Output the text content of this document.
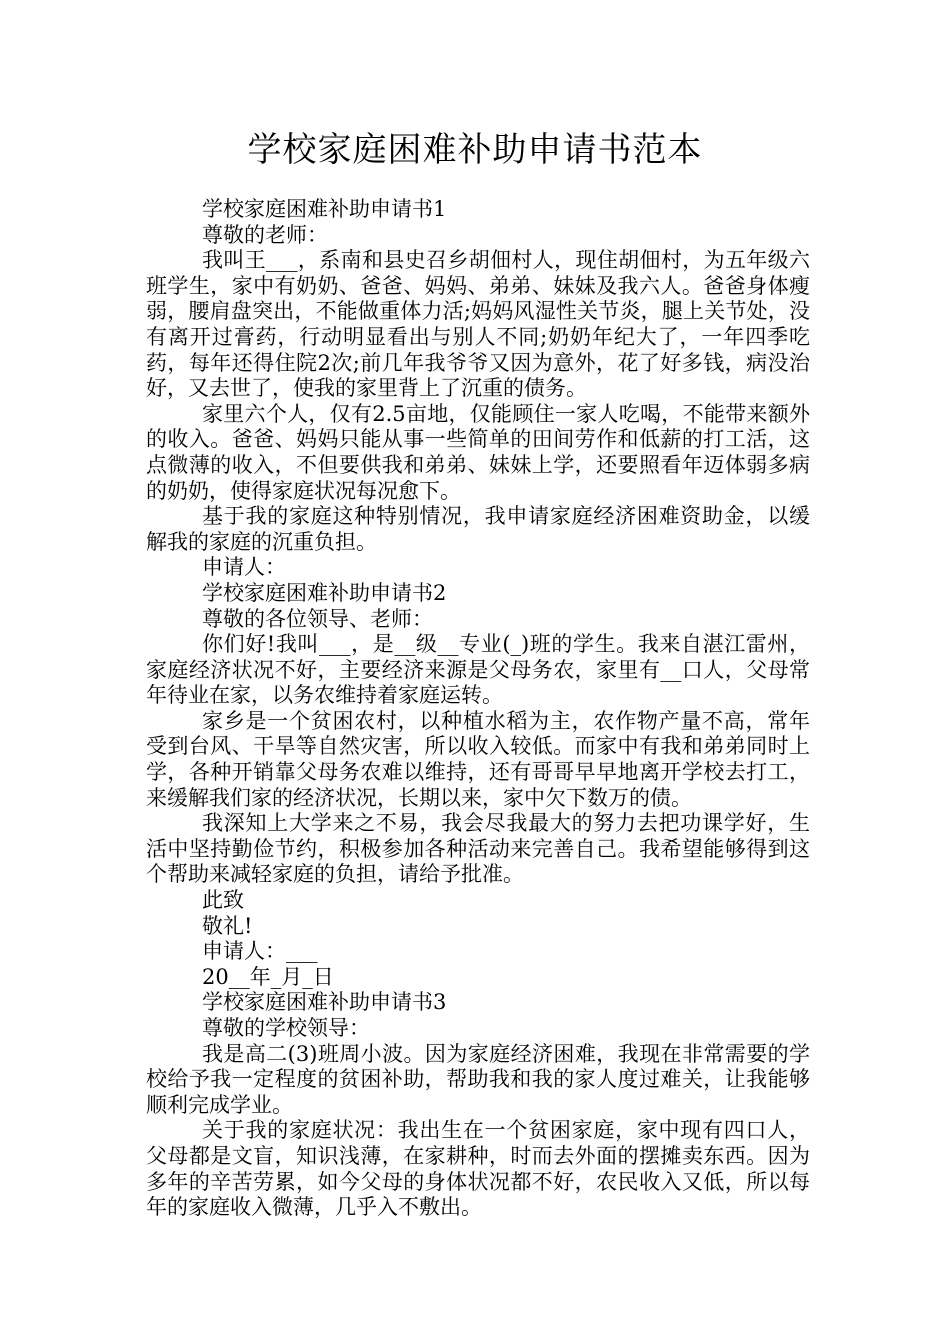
学校家庭困难补助申请书范本

学校家庭困难补助申请书1

尊敬的老师：

我叫王___，系南和县史召乡胡佃村人，现住胡佃村，为五年级六班学生，家中有奶奶、爸爸、妈妈、弟弟、妹妹及我六人。爸爸身体瘦弱，腰肩盘突出，不能做重体力活;妈妈风湿性关节炎，腿上关节处，没有离开过膏药，行动明显看出与别人不同;奶奶年纪大了，一年四季吃药，每年还得住院2次;前几年我爷爷又因为意外，花了好多钱，病没治好，又去世了，使我的家里背上了沉重的债务。

家里六个人，仅有2.5亩地，仅能顾住一家人吃喝，不能带来额外的收入。爸爸、妈妈只能从事一些简单的田间劳作和低薪的打工活，这点微薄的收入，不但要供我和弟弟、妹妹上学，还要照看年迈体弱多病的奶奶，使得家庭状况每况愈下。

基于我的家庭这种特别情况，我申请家庭经济困难资助金，以缓解我的家庭的沉重负担。

申请人：

学校家庭困难补助申请书2

尊敬的各位领导、老师：

你们好!我叫___，是__级__专业(_)班的学生。我来自湛江雷州，家庭经济状况不好，主要经济来源是父母务农，家里有__口人，父母常年待业在家，以务农维持着家庭运转。

家乡是一个贫困农村，以种植水稻为主，农作物产量不高，常年受到台风、干旱等自然灾害，所以收入较低。而家中有我和弟弟同时上学，各种开销靠父母务农难以维持，还有哥哥早早地离开学校去打工，来缓解我们家的经济状况，长期以来，家中欠下数万的债。

我深知上大学来之不易，我会尽我最大的努力去把功课学好，生活中坚持勤俭节约，积极参加各种活动来完善自己。我希望能够得到这个帮助来减轻家庭的负担，请给予批准。

此致

敬礼!

申请人：___

20__年_月_日

学校家庭困难补助申请书3

尊敬的学校领导：

我是高二(3)班周小波。因为家庭经济困难，我现在非常需要的学校给予我一定程度的贫困补助，帮助我和我的家人度过难关，让我能够顺利完成学业。

关于我的家庭状况：我出生在一个贫困家庭，家中现有四口人，父母都是文盲，知识浅薄，在家耕种，时而去外面的摆摊卖东西。因为多年的辛苦劳累，如今父母的身体状况都不好，农民收入又低，所以每年的家庭收入微薄，几乎入不敷出。
